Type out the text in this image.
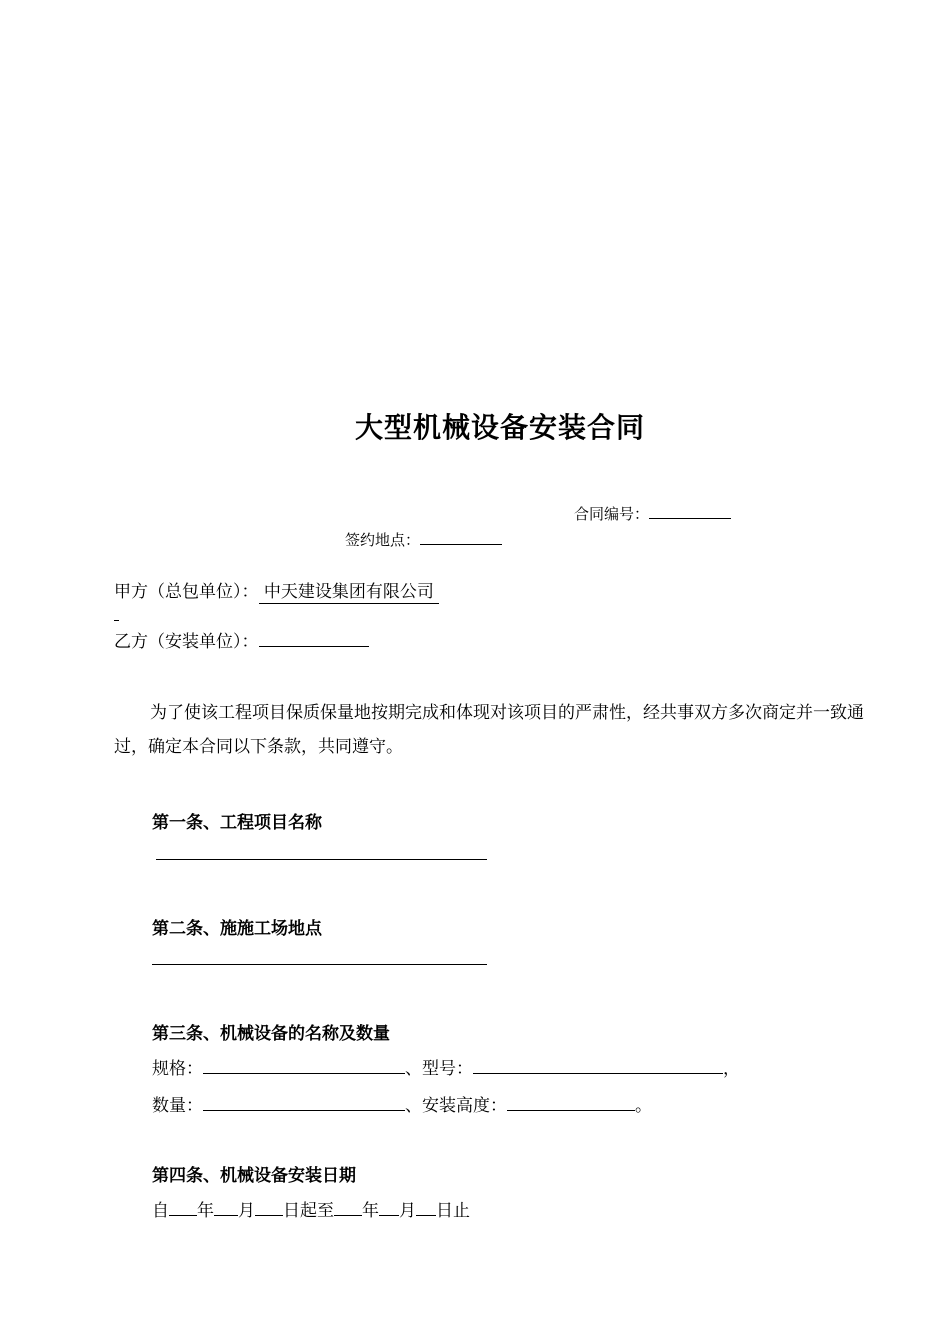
大型机械设备安装合同
合同编号：
签约地点：
甲方（总包单位）： 中天建设集团有限公司
乙方（安装单位）：
为了使该工程项目保质保量地按期完成和体现对该项目的严肃性，经共事双方多次商定并一致通过，确定本合同以下条款，共同遵守。
第一条、工程项目名称
第二条、施施工场地点
第三条、机械设备的名称及数量
规格：	、型号：	，
数量：	、安装高度：	。
第四条、机械设备安装日期
自 年 月 日起至 年 月 日止
